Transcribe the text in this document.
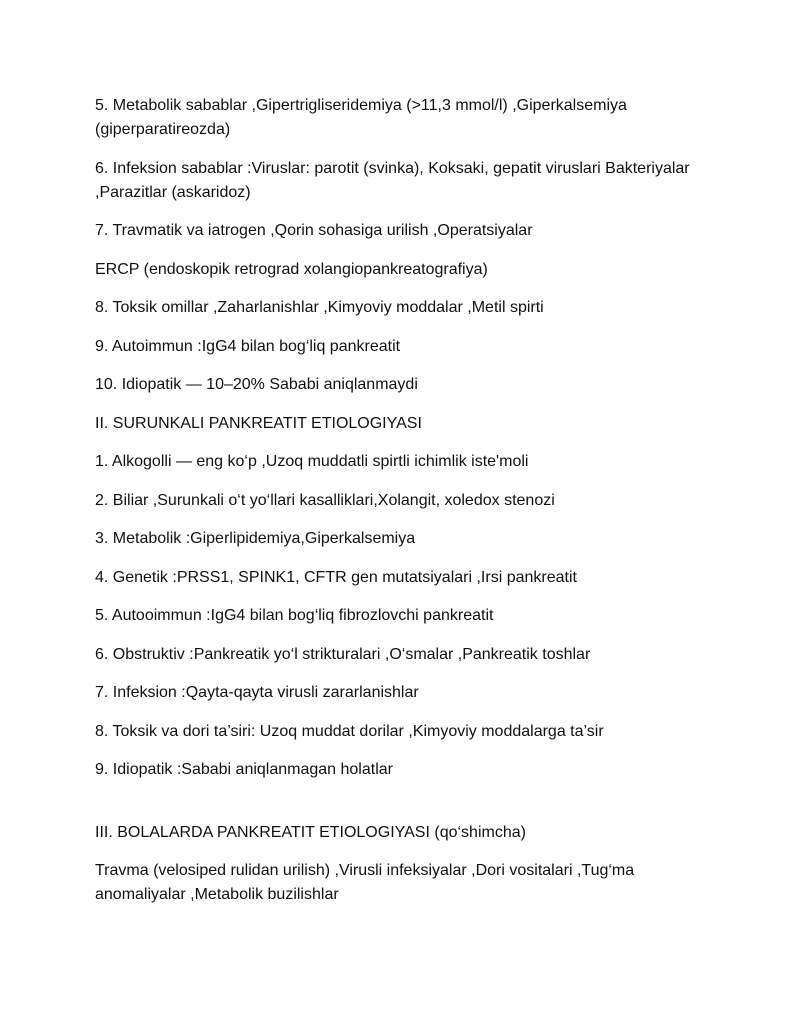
5. Metabolik sabablar ,Gipertrigliseridemiya (>11,3 mmol/l) ,Giperkalsemiya (giperparatireozda)

6. Infeksion sabablar :Viruslar: parotit (svinka), Koksaki, gepatit viruslari Bakteriyalar ,Parazitlar (askaridoz)

7. Travmatik va iatrogen ,Qorin sohasiga urilish ,Operatsiyalar

ERCP (endoskopik retrograd xolangiopankreatografiya)

8. Toksik omillar ,Zaharlanishlar ,Kimyoviy moddalar ,Metil spirti

9. Autoimmun :IgG4 bilan bog‘liq pankreatit

10. Idiopatik — 10–20% Sababi aniqlanmaydi

II. SURUNKALI PANKREATIT ETIOLOGIYASI

1. Alkogolli — eng ko‘p ,Uzoq muddatli spirtli ichimlik iste'moli

2. Biliar ,Surunkali o‘t yo‘llari kasalliklari,Xolangit, xoledox stenozi

3. Metabolik :Giperlipidemiya,Giperkalsemiya

4. Genetik :PRSS1, SPINK1, CFTR gen mutatsiyalari ,Irsi pankreatit

5. Autooimmun :IgG4 bilan bog‘liq fibrozlovchi pankreatit

6. Obstruktiv :Pankreatik yo‘l strikturalari ,O‘smalar ,Pankreatik toshlar

7. Infeksion :Qayta-qayta virusli zararlanishlar

8. Toksik va dori ta’siri: Uzoq muddat dorilar ,Kimyoviy moddalarga ta’sir

9. Idiopatik :Sababi aniqlanmagan holatlar

III. BOLALARDA PANKREATIT ETIOLOGIYASI (qo‘shimcha)

Travma (velosiped rulidan urilish) ,Virusli infeksiyalar ,Dori vositalari ,Tug‘ma anomaliyalar ,Metabolik buzilishlar
